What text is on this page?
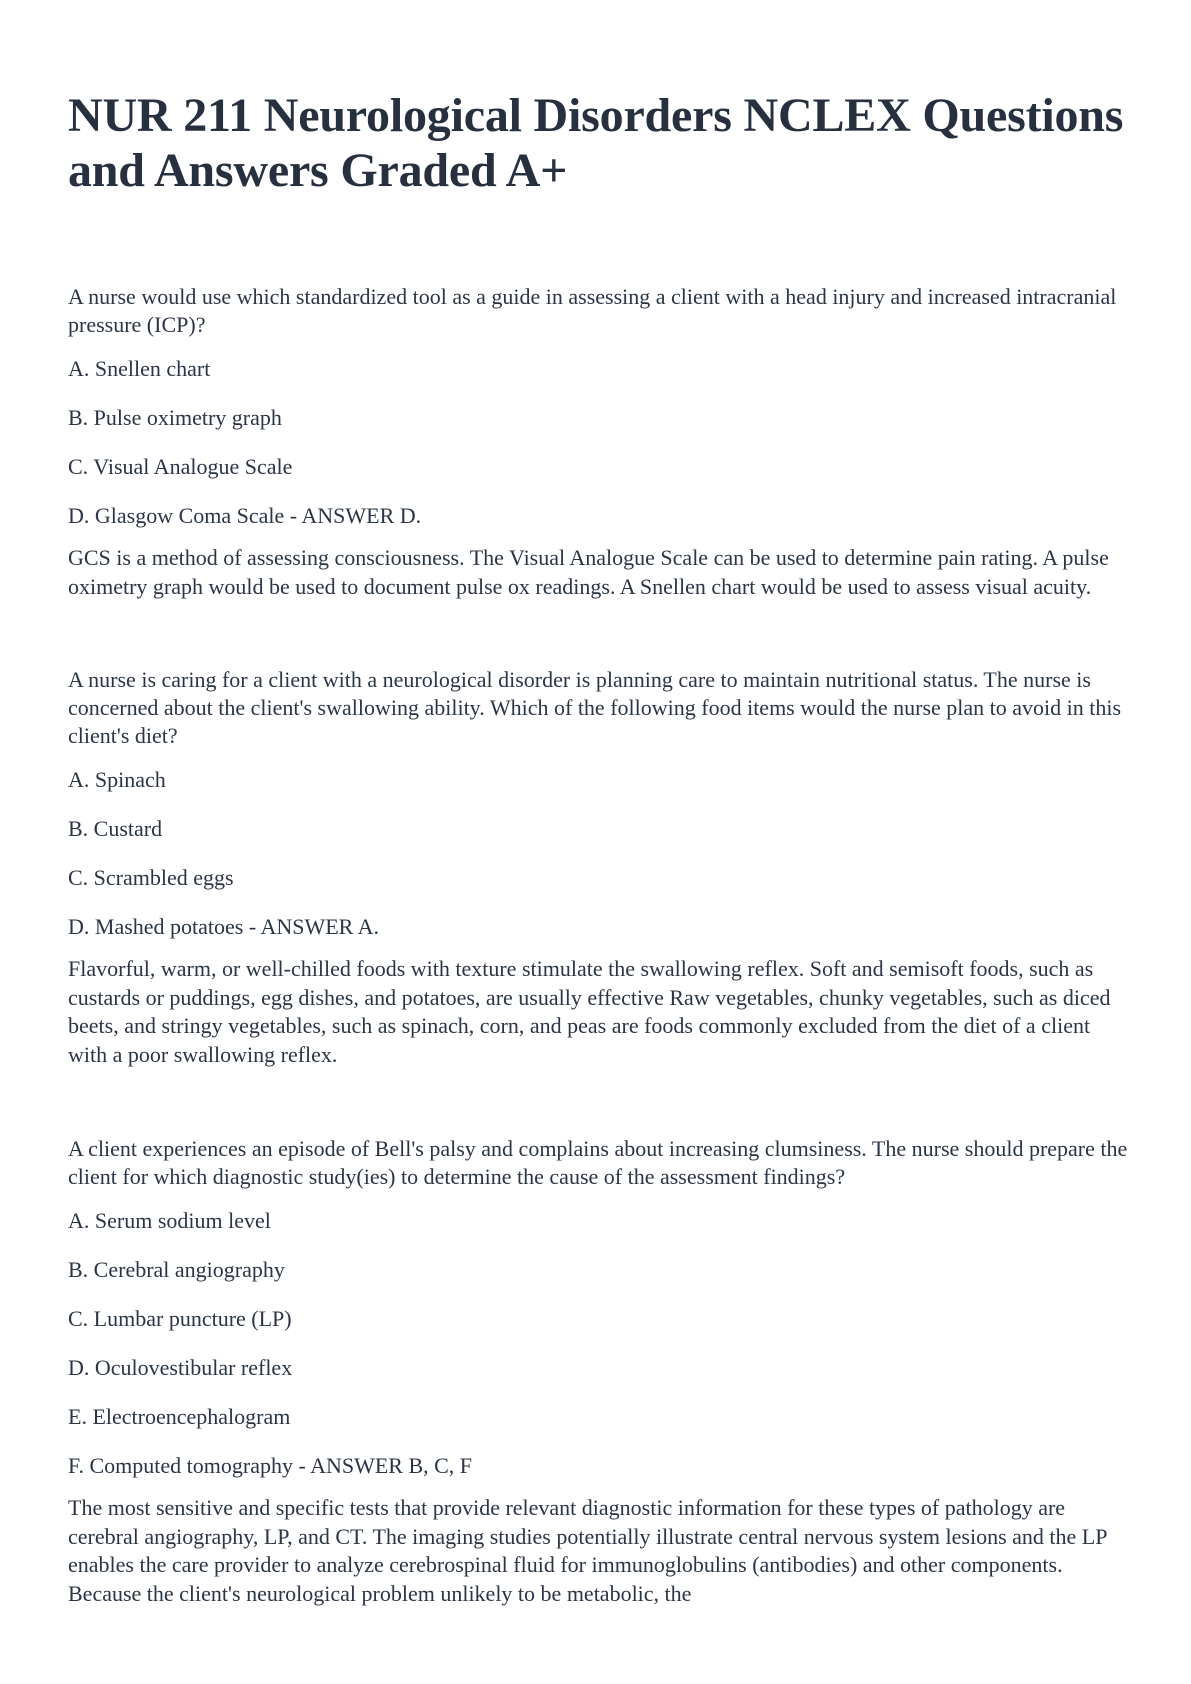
NUR 211 Neurological Disorders NCLEX Questions and Answers Graded A+

A nurse would use which standardized tool as a guide in assessing a client with a head injury and increased intracranial pressure (ICP)?

A. Snellen chart

B. Pulse oximetry graph

C. Visual Analogue Scale

D. Glasgow Coma Scale - ANSWER D.

GCS is a method of assessing consciousness. The Visual Analogue Scale can be used to determine pain rating. A pulse oximetry graph would be used to document pulse ox readings. A Snellen chart would be used to assess visual acuity.

A nurse is caring for a client with a neurological disorder is planning care to maintain nutritional status. The nurse is concerned about the client's swallowing ability. Which of the following food items would the nurse plan to avoid in this client's diet?

A. Spinach

B. Custard

C. Scrambled eggs

D. Mashed potatoes - ANSWER A.

Flavorful, warm, or well-chilled foods with texture stimulate the swallowing reflex. Soft and semisoft foods, such as custards or puddings, egg dishes, and potatoes, are usually effective Raw vegetables, chunky vegetables, such as diced beets, and stringy vegetables, such as spinach, corn, and peas are foods commonly excluded from the diet of a client with a poor swallowing reflex.

A client experiences an episode of Bell's palsy and complains about increasing clumsiness. The nurse should prepare the client for which diagnostic study(ies) to determine the cause of the assessment findings?

A. Serum sodium level

B. Cerebral angiography

C. Lumbar puncture (LP)

D. Oculovestibular reflex

E. Electroencephalogram

F. Computed tomography - ANSWER B, C, F

The most sensitive and specific tests that provide relevant diagnostic information for these types of pathology are cerebral angiography, LP, and CT. The imaging studies potentially illustrate central nervous system lesions and the LP enables the care provider to analyze cerebrospinal fluid for immunoglobulins (antibodies) and other components. Because the client's neurological problem unlikely to be metabolic, the
